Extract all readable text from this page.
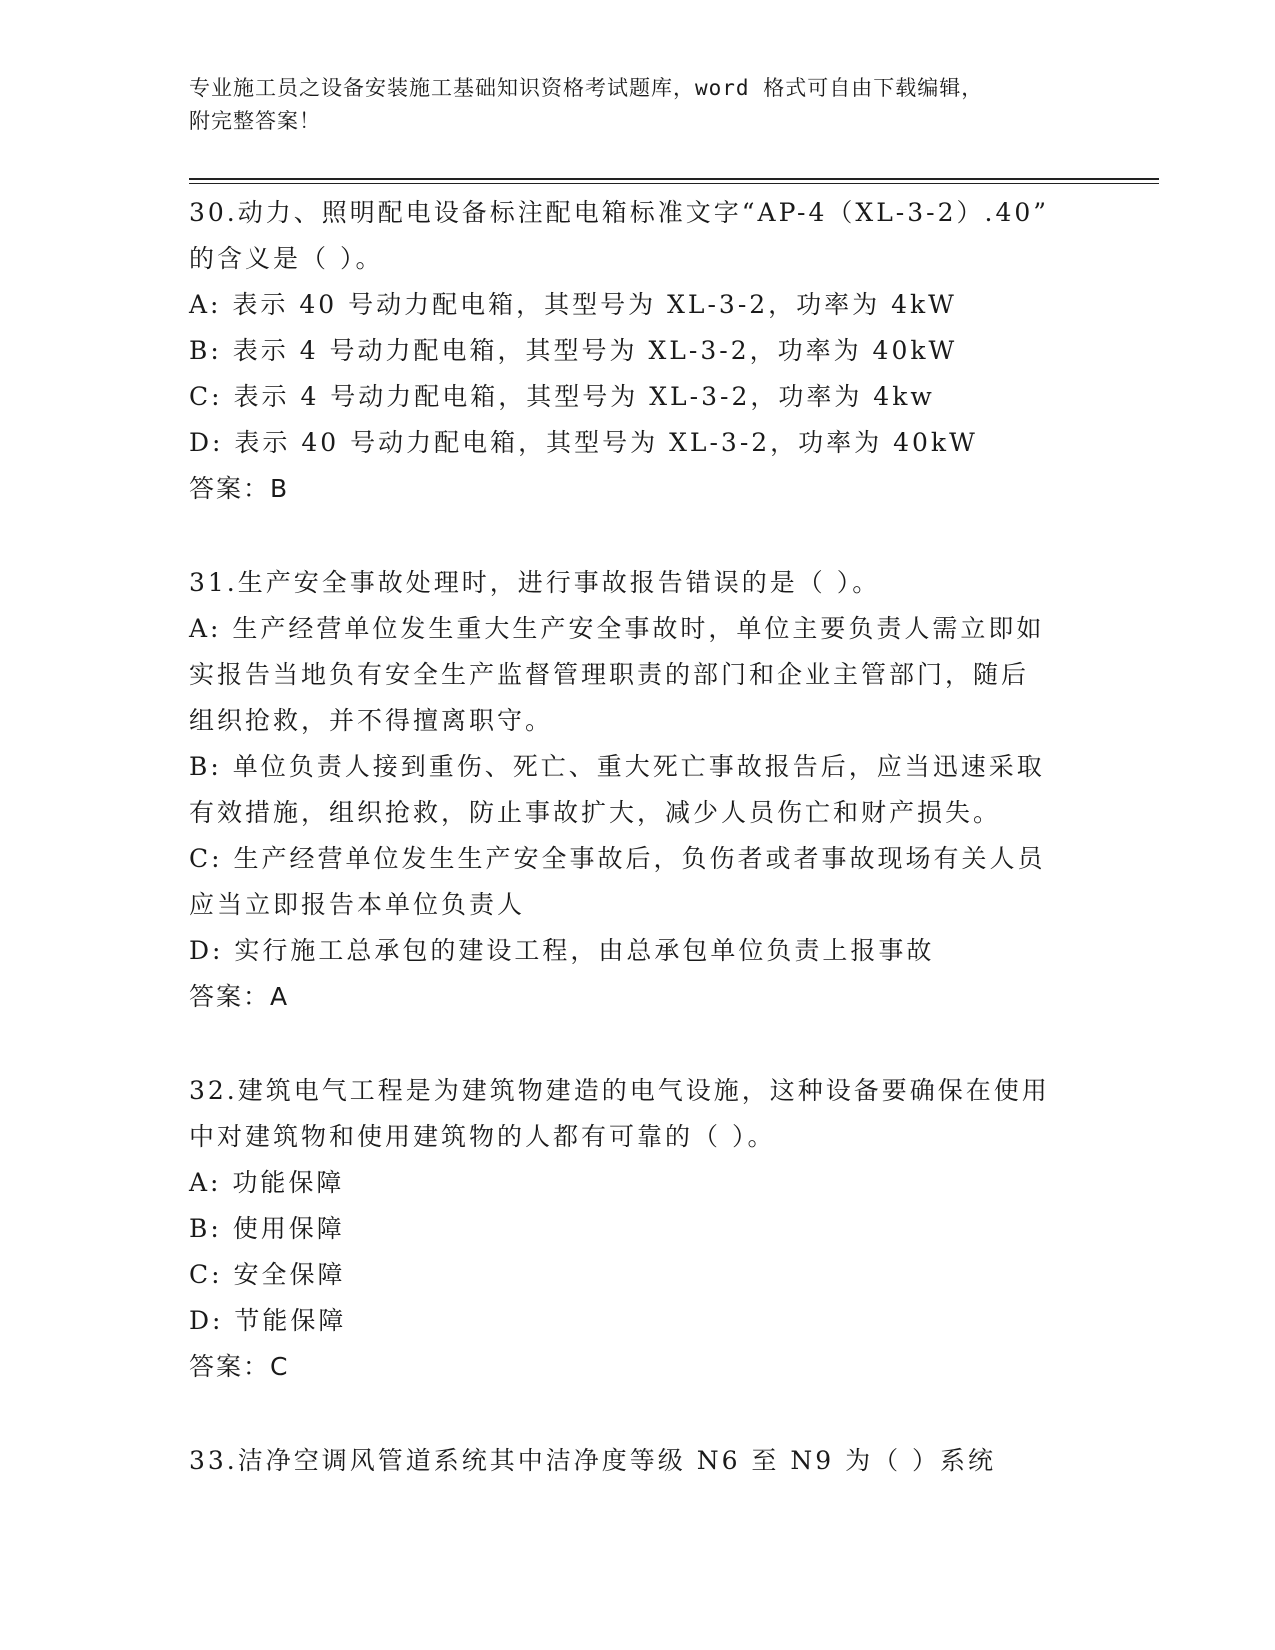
专业施工员之设备安装施工基础知识资格考试题库，word 格式可自由下载编辑，
附完整答案！
30.动力、照明配电设备标注配电箱标准文字“AP-4（XL-3-2）.40”
的含义是（ ）。
A: 表示 40 号动力配电箱，其型号为 XL-3-2，功率为 4kW
B: 表示 4 号动力配电箱，其型号为 XL-3-2，功率为 40kW
C: 表示 4 号动力配电箱，其型号为 XL-3-2，功率为 4kw
D: 表示 40 号动力配电箱，其型号为 XL-3-2，功率为 40kW
答案：B
31.生产安全事故处理时，进行事故报告错误的是（ ）。
A: 生产经营单位发生重大生产安全事故时，单位主要负责人需立即如
实报告当地负有安全生产监督管理职责的部门和企业主管部门，随后
组织抢救，并不得擅离职守。
B: 单位负责人接到重伤、死亡、重大死亡事故报告后，应当迅速采取
有效措施，组织抢救，防止事故扩大，减少人员伤亡和财产损失。
C: 生产经营单位发生生产安全事故后，负伤者或者事故现场有关人员
应当立即报告本单位负责人
D: 实行施工总承包的建设工程，由总承包单位负责上报事故
答案：A
32.建筑电气工程是为建筑物建造的电气设施，这种设备要确保在使用
中对建筑物和使用建筑物的人都有可靠的（ ）。
A: 功能保障
B: 使用保障
C: 安全保障
D: 节能保障
答案：C
33.洁净空调风管道系统其中洁净度等级 N6 至 N9 为（ ）系统
